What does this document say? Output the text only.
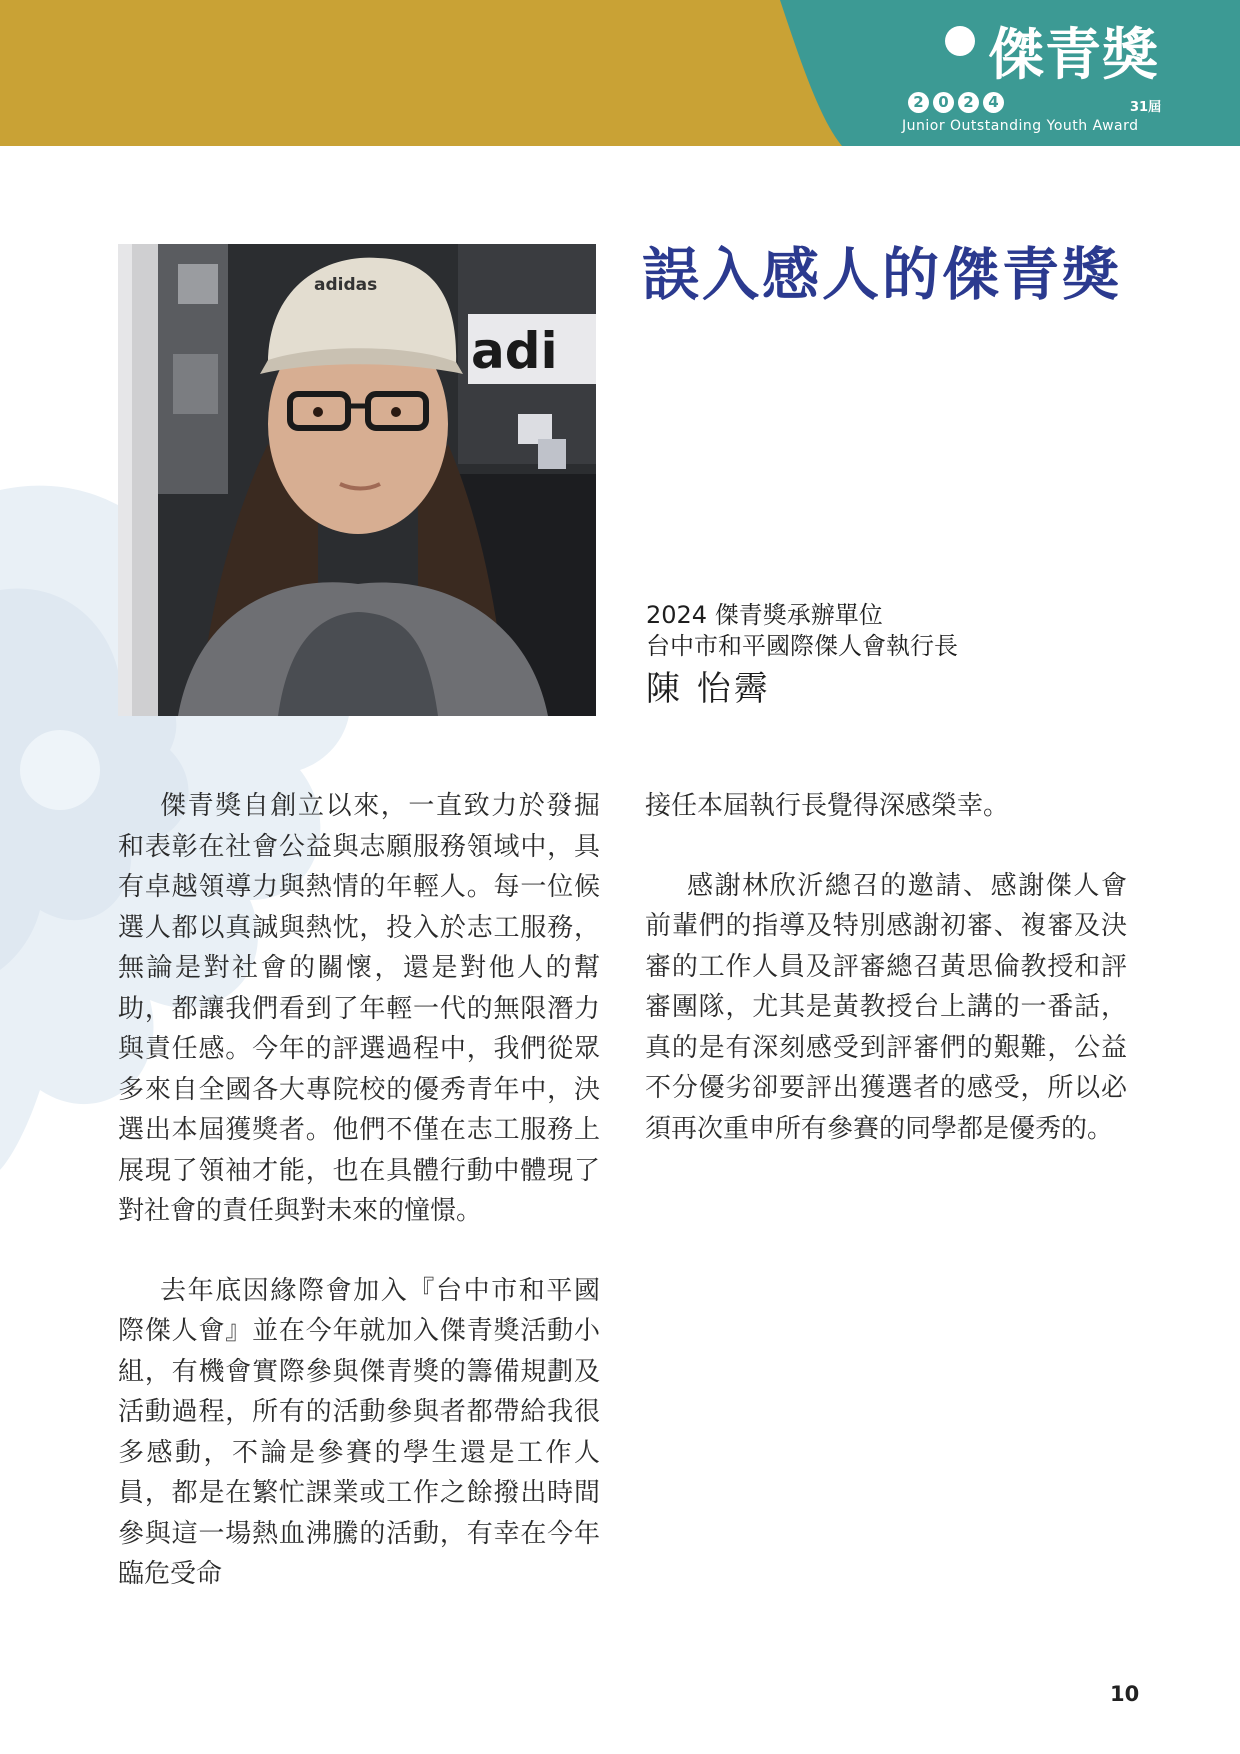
傑青獎
2 0 2 4	31屆
Junior Outstanding Youth Award
adi
adidas	誤入感人的傑青獎
2024 傑青獎承辦單位
台中市和平國際傑人會執行長
陳 怡霽

傑青獎自創立以來，一直致力於發掘和表彰在社會公益與志願服務領域中，具有卓越領導力與熱情的年輕人。每一位候選人都以真誠與熱忱，投入於志工服務，無論是對社會的關懷，還是對他人的幫助，都讓我們看到了年輕一代的無限潛力與責任感。今年的評選過程中，我們從眾多來自全國各大專院校的優秀青年中，決選出本屆獲獎者。他們不僅在志工服務上展現了領袖才能，也在具體行動中體現了對社會的責任與對未來的憧憬。

去年底因緣際會加入『台中市和平國際傑人會』並在今年就加入傑青獎活動小組，有機會實際參與傑青獎的籌備規劃及活動過程，所有的活動參與者都帶給我很多感動，不論是參賽的學生還是工作人員，都是在繁忙課業或工作之餘撥出時間參與這一場熱血沸騰的活動，有幸在今年臨危受命

接任本屆執行長覺得深感榮幸。

感謝林欣沂總召的邀請、感謝傑人會前輩們的指導及特別感謝初審、複審及決審的工作人員及評審總召黃思倫教授和評審團隊，尤其是黃教授台上講的一番話，真的是有深刻感受到評審們的艱難，公益不分優劣卻要評出獲選者的感受，所以必須再次重申所有參賽的同學都是優秀的。

10
